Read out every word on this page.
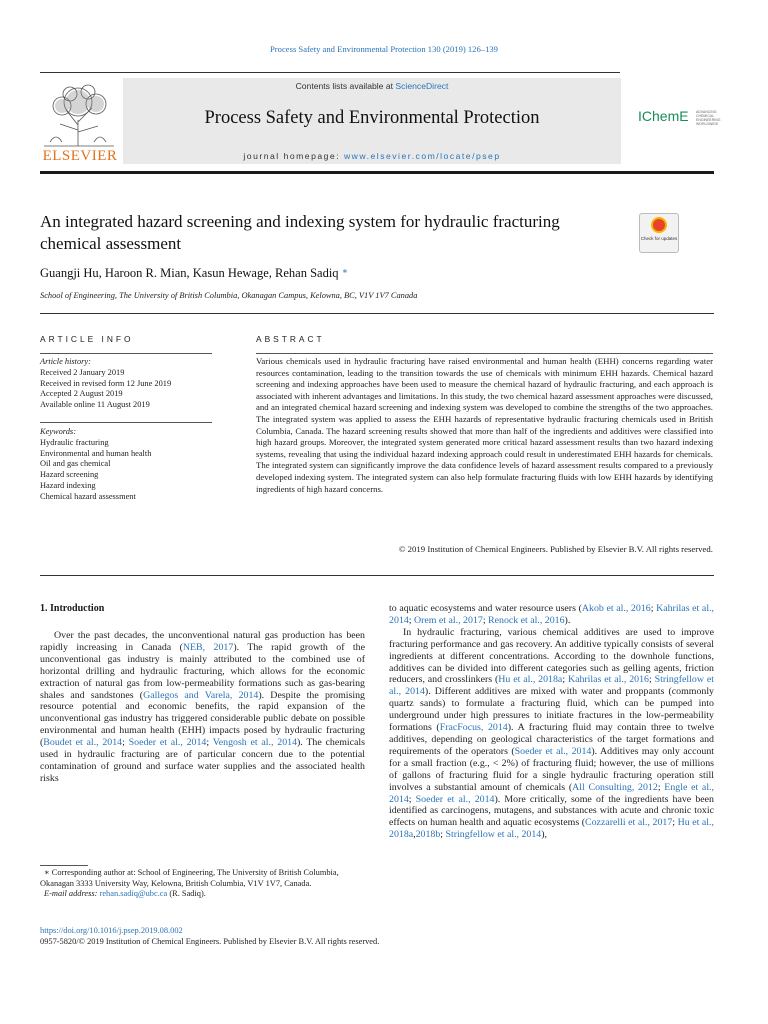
Process Safety and Environmental Protection 130 (2019) 126–139
ELSEVIER
Contents lists available at ScienceDirect
Process Safety and Environmental Protection
journal homepage: www.elsevier.com/locate/psep
IChemE ADVANCING CHEMICAL ENGINEERING WORLDWIDE
An integrated hazard screening and indexing system for hydraulic fracturing chemical assessment	Check for updates
Guangji Hu, Haroon R. Mian, Kasun Hewage, Rehan Sadiq ∗
School of Engineering, The University of British Columbia, Okanagan Campus, Kelowna, BC, V1V 1V7 Canada
ARTICLE INFO
Article history:
Received 2 January 2019
Received in revised form 12 June 2019
Accepted 2 August 2019
Available online 11 August 2019
Keywords:
Hydraulic fracturing
Environmental and human health
Oil and gas chemical
Hazard screening
Hazard indexing
Chemical hazard assessment
ABSTRACT
Various chemicals used in hydraulic fracturing have raised environmental and human health (EHH) concerns regarding water resources contamination, leading to the transition towards the use of chemicals with minimum EHH hazards. Chemical hazard screening and indexing approaches have been used to measure the chemical hazard of hydraulic fracturing, and each approach is associated with inherent advantages and limitations. In this study, the two chemical hazard assessment approaches were discussed, and an integrated chemical hazard screening and indexing system was developed to combine the strengths of the two approaches. The integrated system was applied to assess the EHH hazards of representative hydraulic fracturing chemicals used in British Columbia, Canada. The hazard screening results showed that more than half of the ingredients and additives were classified into high hazard groups. Moreover, the integrated system generated more critical hazard assessment results than two hazard indexing systems, revealing that using the individual hazard indexing approach could result in underestimated EHH hazards for chemicals. The integrated system can significantly improve the data confidence levels of hazard assessment results compared to a previously developed indexing system. The integrated system can also help formulate fracturing fluids with low EHH hazards by identifying ingredients of high hazard concerns.
© 2019 Institution of Chemical Engineers. Published by Elsevier B.V. All rights reserved.
1. Introduction

Over the past decades, the unconventional natural gas production has been rapidly increasing in Canada (NEB, 2017). The rapid growth of the unconventional gas industry is mainly attributed to the combined use of horizontal drilling and hydraulic fracturing, which allows for the economic extraction of natural gas from low-permeability formations such as gas-bearing shales and sandstones (Gallegos and Varela, 2014). Despite the promising resource potential and economic benefits, the rapid expansion of the unconventional gas industry has triggered considerable public debate on possible environmental and human health (EHH) impacts posed by hydraulic fracturing (Boudet et al., 2014; Soeder et al., 2014; Vengosh et al., 2014). The chemicals used in hydraulic fracturing are of particular concern due to the potential contamination of ground and surface water supplies and the associated health risks

to aquatic ecosystems and water resource users (Akob et al., 2016; Kahrilas et al., 2014; Orem et al., 2017; Renock et al., 2016).

In hydraulic fracturing, various chemical additives are used to improve fracturing performance and gas recovery. An additive typically consists of several ingredients at different concentrations. According to the downhole functions, additives can be divided into different categories such as gelling agents, friction reducers, and crosslinkers (Hu et al., 2018a; Kahrilas et al., 2016; Stringfellow et al., 2014). Different additives are mixed with water and proppants (commonly quartz sands) to formulate a fracturing fluid, which can be pumped into underground under high pressures to initiate fractures in the low-permeability formations (FracFocus, 2014). A fracturing fluid may contain three to twelve additives, depending on geological characteristics of the target formations and requirements of the operators (Soeder et al., 2014). Additives may only account for a small fraction (e.g., < 2%) of fracturing fluid; however, the use of millions of gallons of fracturing fluid for a single hydraulic fracturing operation still involves a substantial amount of chemicals (All Consulting, 2012; Engle et al., 2014; Soeder et al., 2014). More critically, some of the ingredients have been identified as carcinogens, mutagens, and substances with acute and chronic toxic effects on human health and aquatic ecosystems (Cozzarelli et al., 2017; Hu et al., 2018a,2018b; Stringfellow et al., 2014),

∗ Corresponding author at: School of Engineering, The University of British Columbia, Okanagan 3333 University Way, Kelowna, British Columbia, V1V 1V7, Canada.
E-mail address: rehan.sadiq@ubc.ca (R. Sadiq).
https://doi.org/10.1016/j.psep.2019.08.002
0957-5820/© 2019 Institution of Chemical Engineers. Published by Elsevier B.V. All rights reserved.
